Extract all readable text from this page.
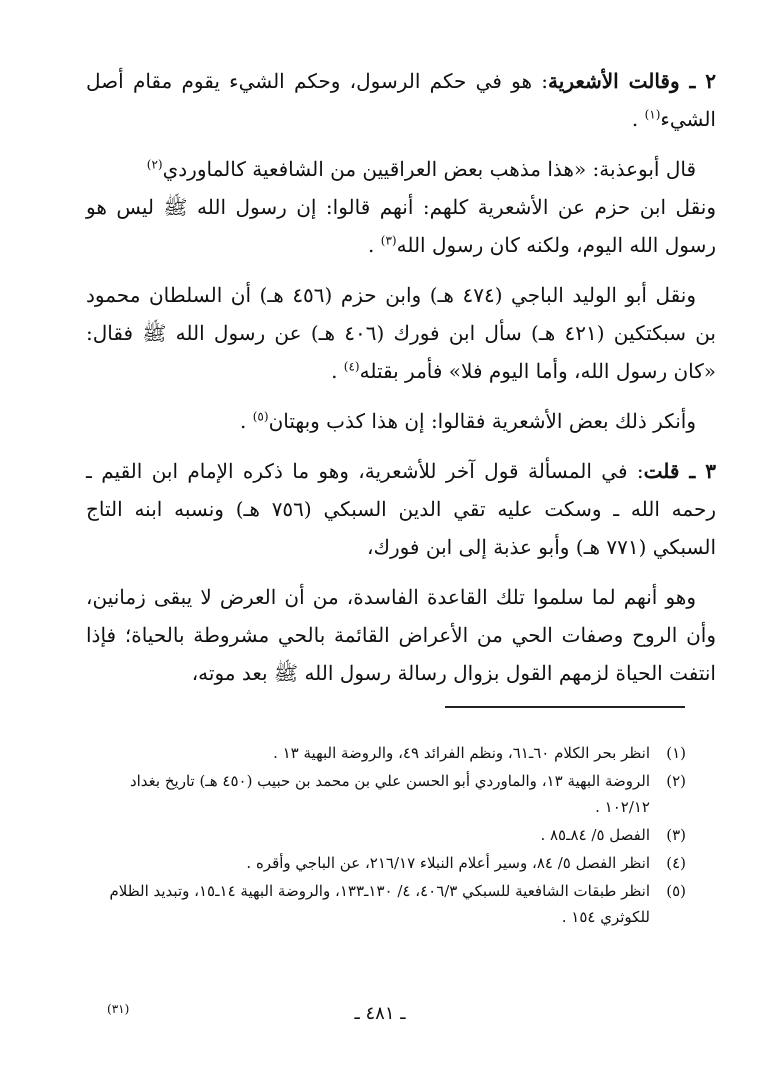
٢ ـ وقالت الأشعرية: هو في حكم الرسول، وحكم الشيء يقوم مقام أصل الشيء$^{(١)}$ .

قال أبوعذبة: «هذا مذهب بعض العراقيين من الشافعية كالماوردي$^{(٢)}$
ونقل ابن حزم عن الأشعرية كلهم: أنهم قالوا: إن رسول الله ﷺ ليس هو رسول الله اليوم، ولكنه كان رسول الله$^{(٣)}$ .

ونقل أبو الوليد الباجي (٤٧٤ هـ) وابن حزم (٤٥٦ هـ) أن السلطان محمود بن سبكتكين (٤٢١ هـ) سأل ابن فورك (٤٠٦ هـ) عن رسول الله ﷺ فقال: «كان رسول الله، وأما اليوم فلا» فأمر بقتله$^{(٤)}$ .

وأنكر ذلك بعض الأشعرية فقالوا: إن هذا كذب وبهتان$^{(٥)}$ .

٣ ـ قلت: في المسألة قول آخر للأشعرية، وهو ما ذكره الإمام ابن القيم ـ رحمه الله ـ وسكت عليه تقي الدين السبكي (٧٥٦ هـ) ونسبه ابنه التاج السبكي (٧٧١ هـ) وأبو عذبة إلى ابن فورك،

وهو أنهم لما سلموا تلك القاعدة الفاسدة، من أن العرض لا يبقى زمانين، وأن الروح وصفات الحي من الأعراض القائمة بالحي مشروطة بالحياة؛ فإذا انتفت الحياة لزمهم القول بزوال رسالة رسول الله ﷺ بعد موته،

(١)
انظر بحر الكلام ٦٠ـ٦١، ونظم الفرائد ٤٩، والروضة البهية ١٣ .
(٢)
الروضة البهية ١٣، والماوردي أبو الحسن علي بن محمد بن حبيب (٤٥٠ هـ) تاريخ بغداد ١٠٢/١٢ .
(٣)
الفصل ٥/ ٨٤ـ٨٥ .
(٤)
انظر الفصل ٥/ ٨٤، وسير أعلام النبلاء ٢١٦/١٧، عن الباجي وأقره .
(٥)
انظر طبقات الشافعية للسبكي ٤٠٦/٣، ٤/ ١٣٠ـ١٣٣، والروضة البهية ١٤ـ١٥، وتبديد الظلام للكوثري ١٥٤ .
(٣١)	ـ ٤٨١ ـ
